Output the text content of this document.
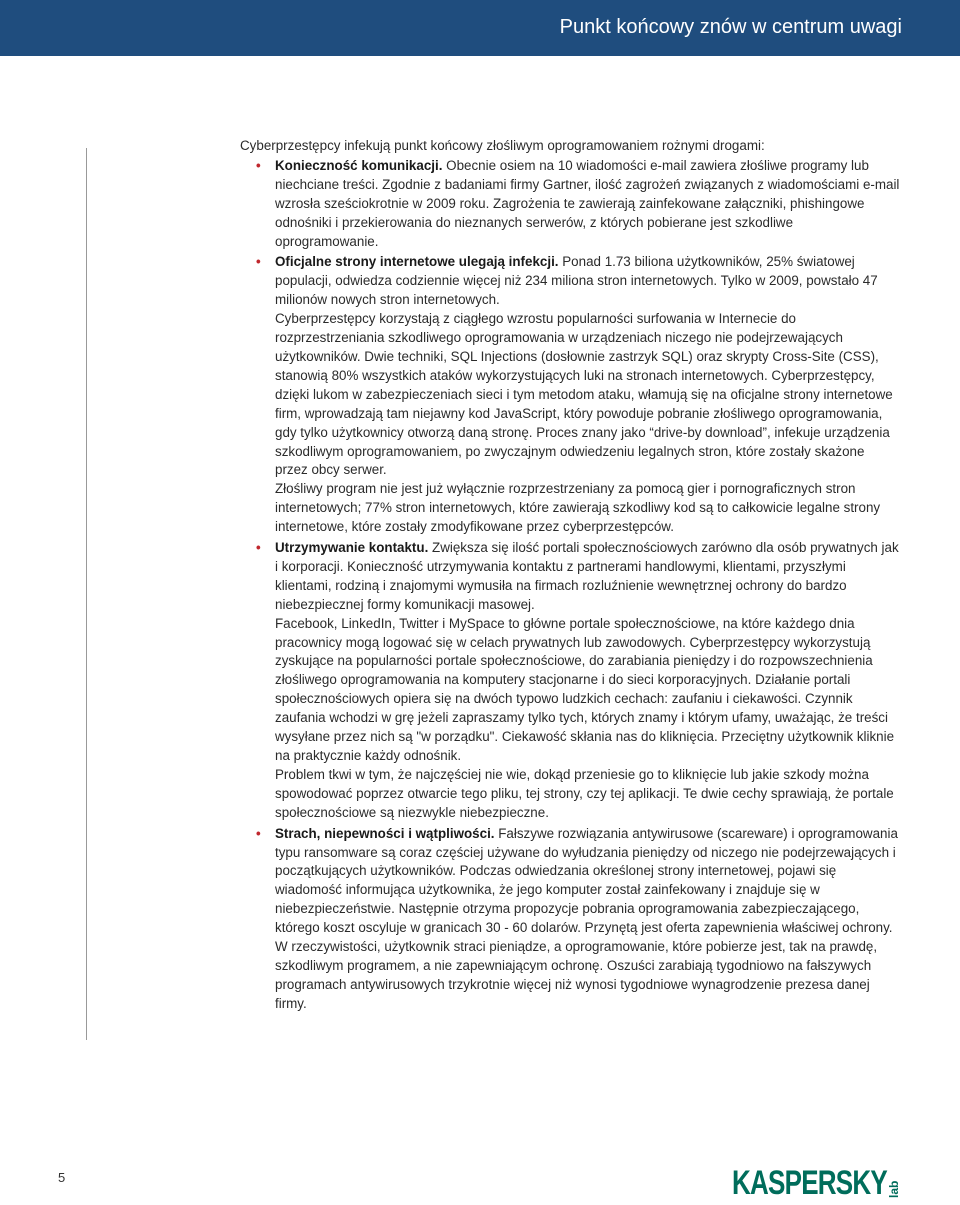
Punkt końcowy znów w centrum uwagi

Cyberprzestępcy infekują punkt końcowy złośliwym oprogramowaniem rożnymi drogami:

• Konieczność komunikacji. Obecnie osiem na 10 wiadomości e-mail zawiera złośliwe programy lub niechciane treści. Zgodnie z badaniami firmy Gartner, ilość zagrożeń związanych z wiadomościami e-mail wzrosła sześciokrotnie w 2009 roku. Zagrożenia te zawierają zainfekowane załączniki, phishingowe odnośniki i przekierowania do nieznanych serwerów, z których pobierane jest szkodliwe oprogramowanie.

• Oficjalne strony internetowe ulegają infekcji. Ponad 1.73 biliona użytkowników, 25% światowej populacji, odwiedza codziennie więcej niż 234 miliona stron internetowych. Tylko w 2009, powstało 47 milionów nowych stron internetowych.

Cyberprzestępcy korzystają z ciągłego wzrostu popularności surfowania w Internecie do rozprzestrzeniania szkodliwego oprogramowania w urządzeniach niczego nie podejrzewających użytkowników. Dwie techniki, SQL Injections (dosłownie zastrzyk SQL) oraz skrypty Cross-Site (CSS), stanowią 80% wszystkich ataków wykorzystujących luki na stronach internetowych. Cyberprzestępcy, dzięki lukom w zabezpieczeniach sieci i tym metodom ataku, włamują się na oficjalne strony internetowe firm, wprowadzają tam niejawny kod JavaScript, który powoduje pobranie złośliwego oprogramowania, gdy tylko użytkownicy otworzą daną stronę. Proces znany jako “drive-by download”, infekuje urządzenia szkodliwym oprogramowaniem, po zwyczajnym odwiedzeniu legalnych stron, które zostały skażone przez obcy serwer.

Złośliwy program nie jest już wyłącznie rozprzestrzeniany za pomocą gier i pornograficznych stron internetowych; 77% stron internetowych, które zawierają szkodliwy kod są to całkowicie legalne strony internetowe, które zostały zmodyfikowane przez cyberprzestępców.

• Utrzymywanie kontaktu. Zwiększa się ilość portali społecznościowych zarówno dla osób prywatnych jak i korporacji. Konieczność utrzymywania kontaktu z partnerami handlowymi, klientami, przyszłymi klientami, rodziną i znajomymi wymusiła na firmach rozluźnienie wewnętrznej ochrony do bardzo niebezpiecznej formy komunikacji masowej.

Facebook, LinkedIn, Twitter i MySpace to główne portale społecznościowe, na które każdego dnia pracownicy mogą logować się w celach prywatnych lub zawodowych. Cyberprzestępcy wykorzystują zyskujące na popularności portale społecznościowe, do zarabiania pieniędzy i do rozpowszechnienia złośliwego oprogramowania na komputery stacjonarne i do sieci korporacyjnych. Działanie portali społecznościowych opiera się na dwóch typowo ludzkich cechach: zaufaniu i ciekawości. Czynnik zaufania wchodzi w grę jeżeli zapraszamy tylko tych, których znamy i którym ufamy, uważając, że treści wysyłane przez nich są "w porządku". Ciekawość skłania nas do kliknięcia. Przeciętny użytkownik kliknie na praktycznie każdy odnośnik.

Problem tkwi w tym, że najczęściej nie wie, dokąd przeniesie go to kliknięcie lub jakie szkody można spowodować poprzez otwarcie tego pliku, tej strony, czy tej aplikacji. Te dwie cechy sprawiają, że portale społecznościowe są niezwykle niebezpieczne.

• Strach, niepewności i wątpliwości. Fałszywe rozwiązania antywirusowe (scareware) i oprogramowania typu ransomware są coraz częściej używane do wyłudzania pieniędzy od niczego nie podejrzewających i początkujących użytkowników. Podczas odwiedzania określonej strony internetowej, pojawi się wiadomość informująca użytkownika, że jego komputer został zainfekowany i znajduje się w niebezpieczeństwie. Następnie otrzyma propozycje pobrania oprogramowania zabezpieczającego, którego koszt oscyluje w granicach 30 - 60 dolarów. Przynętą jest oferta zapewnienia właściwej ochrony. W rzeczywistości, użytkownik straci pieniądze, a oprogramowanie, które pobierze jest, tak na prawdę, szkodliwym programem, a nie zapewniającym ochronę. Oszuści zarabiają tygodniowo na fałszywych programach antywirusowych trzykrotnie więcej niż wynosi tygodniowe wynagrodzenie prezesa danej firmy.

5	KASPERSKY
lab
